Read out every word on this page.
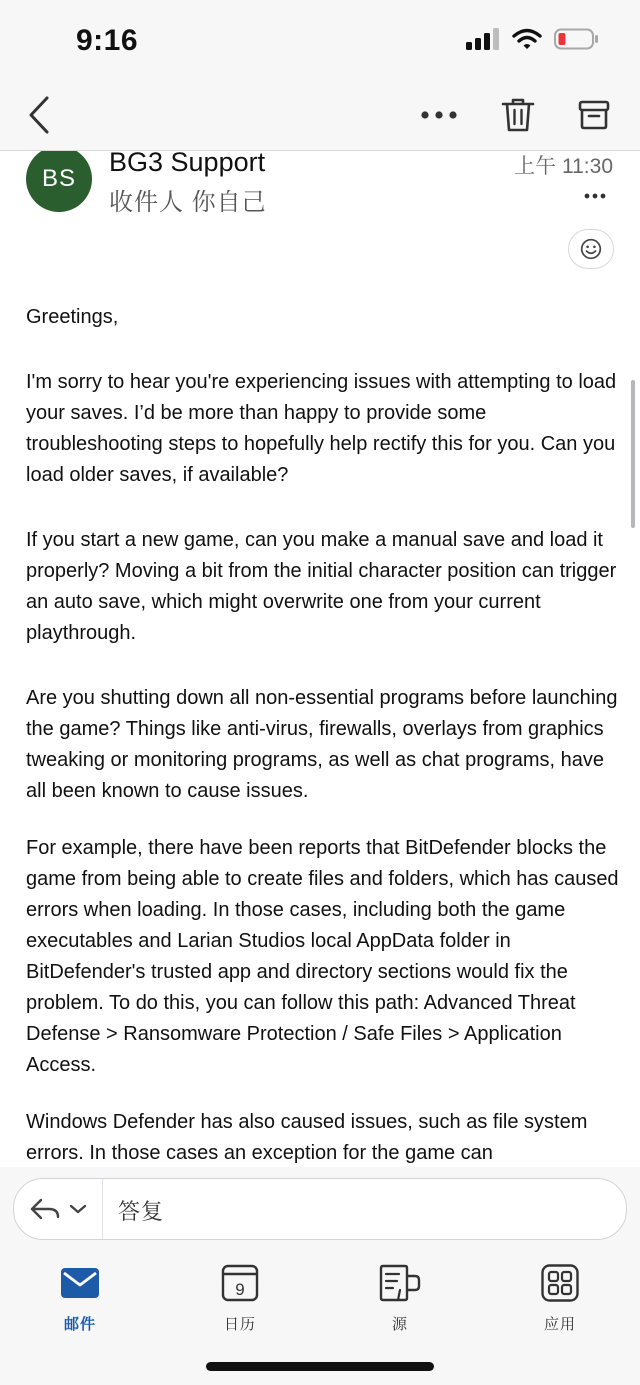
9:16
BS
BG3 Support
收件人 你自己
上午 11:30

Greetings,

I'm sorry to hear you're experiencing issues with attempting to load your saves. I’d be more than happy to provide some troubleshooting steps to hopefully help rectify this for you. Can you load older saves, if available?

If you start a new game, can you make a manual save and load it properly? Moving a bit from the initial character position can trigger an auto save, which might overwrite one from your current playthrough.

Are you shutting down all non-essential programs before launching the game? Things like anti-virus, firewalls, overlays from graphics tweaking or monitoring programs, as well as chat programs, have all been known to cause issues.

For example, there have been reports that BitDefender blocks the game from being able to create files and folders, which has caused errors when loading. In those cases, including both the game executables and Larian Studios local AppData folder in BitDefender's trusted app and directory sections would fix the problem. To do this, you can follow this path: Advanced Threat Defense > Ransomware Protection / Safe Files > Application Access.

Windows Defender has also caused issues, such as file system errors. In those cases an exception for the game can

答复
邮件
9
日历	源	应用
